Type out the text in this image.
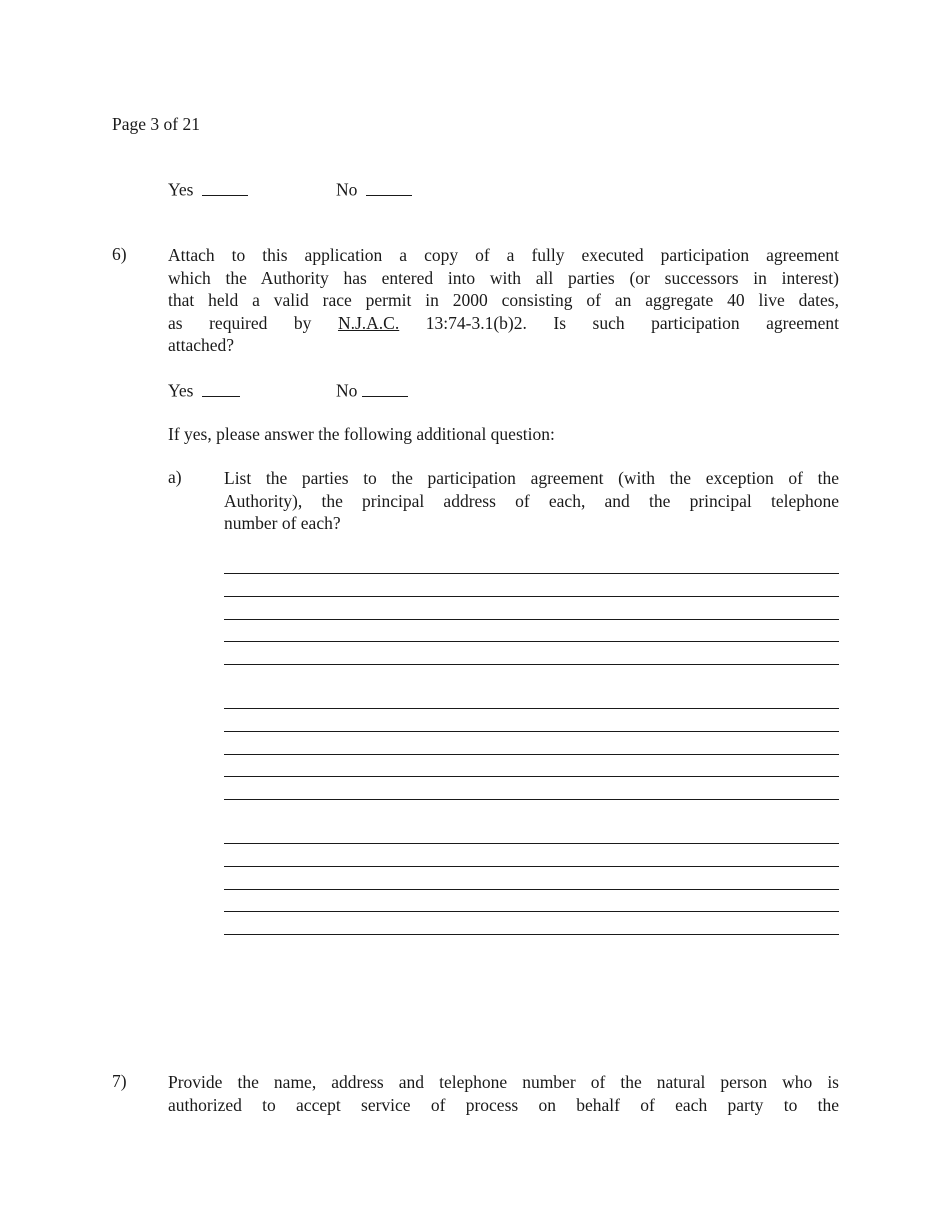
Page 3 of 21
Yes	No
6) Attach to this application a copy of a fully executed participation agreement
which the Authority has entered into with all parties (or successors in interest)
that held a valid race permit in 2000 consisting of an aggregate 40 live dates,
as required by N.J.A.C. 13:74-3.1(b)2. Is such participation agreement
attached?
Yes	No
If yes, please answer the following additional question:
a) List the parties to the participation agreement (with the exception of the
Authority), the principal address of each, and the principal telephone
number of each?
7) Provide the name, address and telephone number of the natural person who is
authorized to accept service of process on behalf of each party to the
